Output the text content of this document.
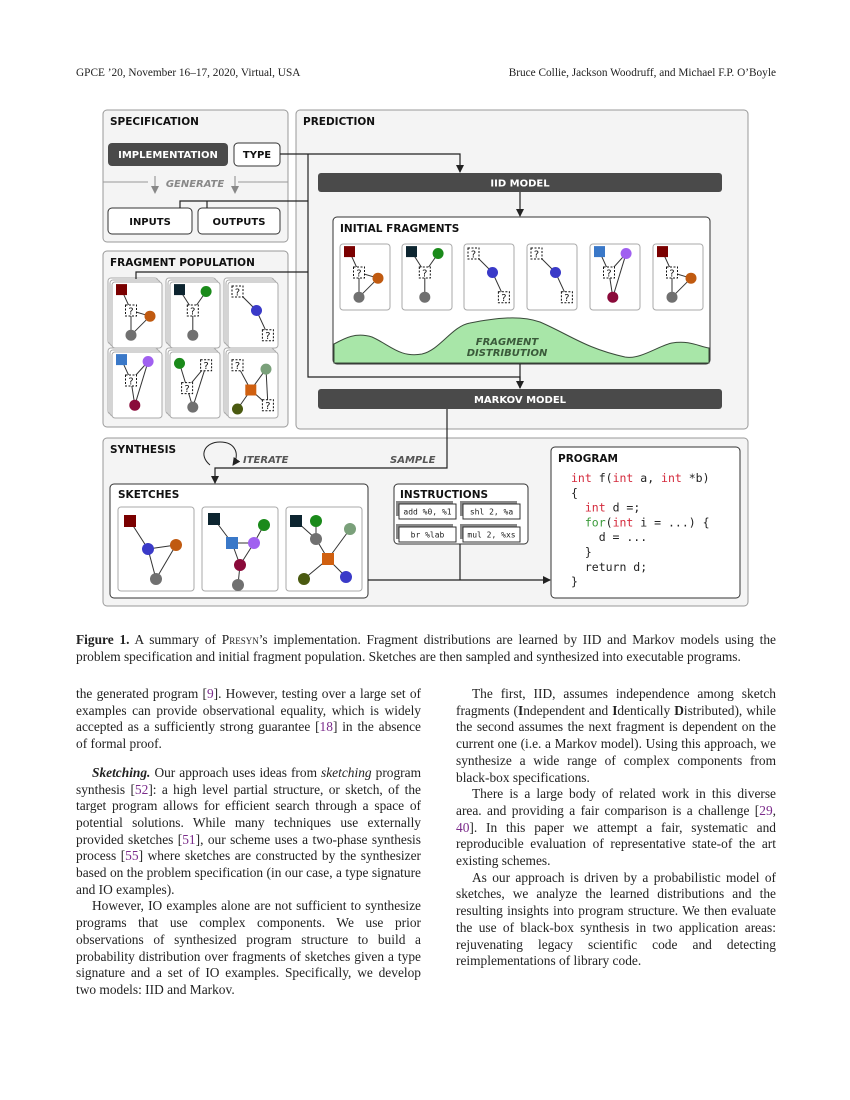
GPCE ’20, November 16–17, 2020, Virtual, USA	Bruce Collie, Jackson Woodruff, and Michael F.P. O’Boyle
SPECIFICATION
IMPLEMENTATION TYPE
GENERATE
INPUTS	OUTPUTS
FRAGMENT POPULATION
?	?
?
?
?
?
?
?
?
PREDICTION
IID MODEL
INITIAL FRAGMENTS
FRAGMENT
DISTRIBUTION
?	?
?
?
?
?
?	?
MARKOV MODEL
SYNTHESIS
ITERATE	SAMPLE
SKETCHES	INSTRUCTIONS
add %0, %1 shl 2, %a
br %lab	mul 2, %xs
PROGRAM
int f(int a, int *b)
{
int d =;
for(int i = ...) {
d = ...
}
return d;
}
Figure 1. A summary of Presyn’s implementation. Fragment distributions are learned by IID and Markov models using the problem specification and initial fragment population. Sketches are then sampled and synthesized into executable programs.

the generated program [9]. However, testing over a large set of examples can provide observational equality, which is widely accepted as a sufficiently strong guarantee [18] in the absence of formal proof.

Sketching. Our approach uses ideas from sketching program synthesis [52]: a high level partial structure, or sketch, of the target program allows for efficient search through a space of potential solutions. While many techniques use externally provided sketches [51], our scheme uses a two-phase synthesis process [55] where sketches are constructed by the synthesizer based on the problem specification (in our case, a type signature and IO examples).

However, IO examples alone are not sufficient to synthesize programs that use complex components. We use prior observations of synthesized program structure to build a probability distribution over fragments of sketches given a type signature and a set of IO examples. Specifically, we develop two models: IID and Markov.

The first, IID, assumes independence among sketch fragments (Independent and Identically Distributed), while the second assumes the next fragment is dependent on the current one (i.e. a Markov model). Using this approach, we synthesize a wide range of complex components from black-box specifications.

There is a large body of related work in this diverse area. and providing a fair comparison is a challenge [29, 40]. In this paper we attempt a fair, systematic and reproducible evaluation of representative state-of the art existing schemes.

As our approach is driven by a probabilistic model of sketches, we analyze the learned distributions and the resulting insights into program structure. We then evaluate the use of black-box synthesis in two application areas: rejuvenating legacy scientific code and detecting reimplementations of library code.
